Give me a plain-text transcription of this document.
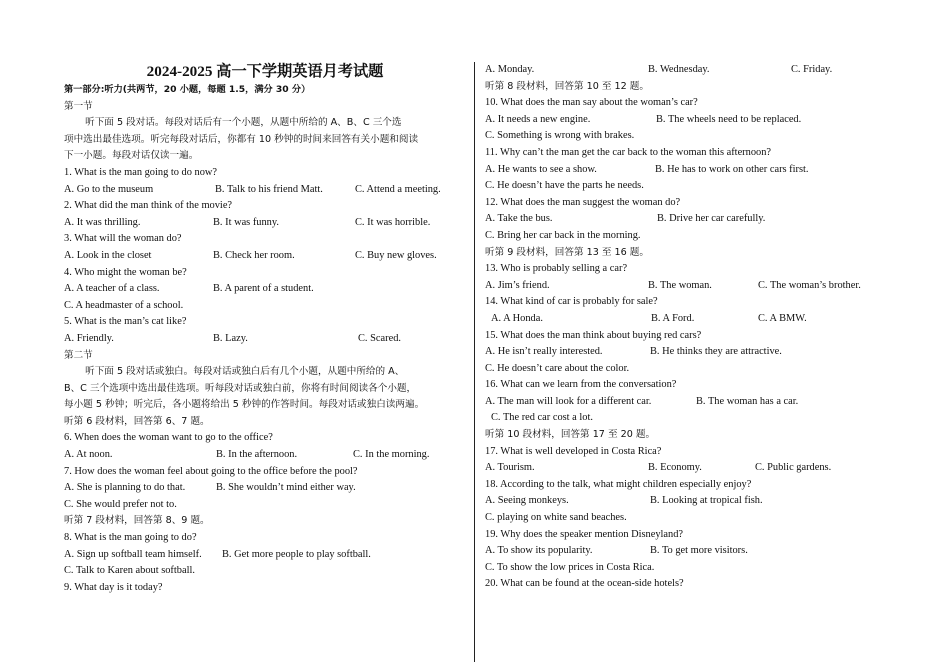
2024-2025 高一下学期英语月考试题
第一部分:听力(共两节，20 小题，每题 1.5，满分 30 分）
第一节
听下面 5 段对话。每段对话后有一个小题，从题中所给的 A、B、C 三个选
项中选出最佳选项。听完每段对话后，你都有 10 秒钟的时间来回答有关小题和阅读
下一小题。每段对话仅读一遍。
1. What is the man going to do now?
A. Go to the museum	B. Talk to his friend Matt.	C. Attend a meeting.
2. What did the man think of the movie?
A. It was thrilling.	B. It was funny.	C. It was horrible.
3. What will the woman do?
A. Look in the closet	B. Check her room.	C. Buy new gloves.
4. Who might the woman be?
A. A teacher of a class.	B. A parent of a student.
C. A headmaster of a school.
5. What is the man’s cat like?
A. Friendly.	B. Lazy.	C. Scared.
第二节
听下面 5 段对话或独白。每段对话或独白后有几个小题，从题中所给的 A、
B、C 三个选项中选出最佳选项。听每段对话或独白前，你将有时间阅读各个小题，
每小题 5 秒钟；听完后，各小题将给出 5 秒钟的作答时间。每段对话或独白读两遍。
听第 6 段材料，回答第 6、7 题。
6. When does the woman want to go to the office?
A. At noon.	B. In the afternoon.	C. In the morning.
7. How does the woman feel about going to the office before the pool?
A. She is planning to do that.	B. She wouldn’t mind either way.
C. She would prefer not to.
听第 7 段材料，回答第 8、9 题。
8. What is the man going to do?
A. Sign up softball team himself. B. Get more people to play softball.
C. Talk to Karen about softball.
9. What day is it today?
A. Monday.	B. Wednesday.	C. Friday.
听第 8 段材料，回答第 10 至 12 题。
10. What does the man say about the woman’s car?
A. It needs a new engine.	B. The wheels need to be replaced.
C. Something is wrong with brakes.
11. Why can’t the man get the car back to the woman this afternoon?
A. He wants to see a show.	B. He has to work on other cars first.
C. He doesn’t have the parts he needs.
12. What does the man suggest the woman do?
A. Take the bus.	B. Drive her car carefully.
C. Bring her car back in the morning.
听第 9 段材料，回答第 13 至 16 题。
13. Who is probably selling a car?
A. Jim’s friend.	B. The woman.	C. The woman’s brother.
14. What kind of car is probably for sale?
A. A Honda.	B. A Ford.	C. A BMW.
15. What does the man think about buying red cars?
A. He isn’t really interested.	B. He thinks they are attractive.
C. He doesn’t care about the color.
16. What can we learn from the conversation?
A. The man will look for a different car.	B. The woman has a car.
C. The red car cost a lot.
听第 10 段材料，回答第 17 至 20 题。
17. What is well developed in Costa Rica?
A. Tourism.	B. Economy.	C. Public gardens.
18. According to the talk, what might children especially enjoy?
A. Seeing monkeys.	B. Looking at tropical fish.
C. playing on white sand beaches.
19. Why does the speaker mention Disneyland?
A. To show its popularity.	B. To get more visitors.
C. To show the low prices in Costa Rica.
20. What can be found at the ocean-side hotels?
